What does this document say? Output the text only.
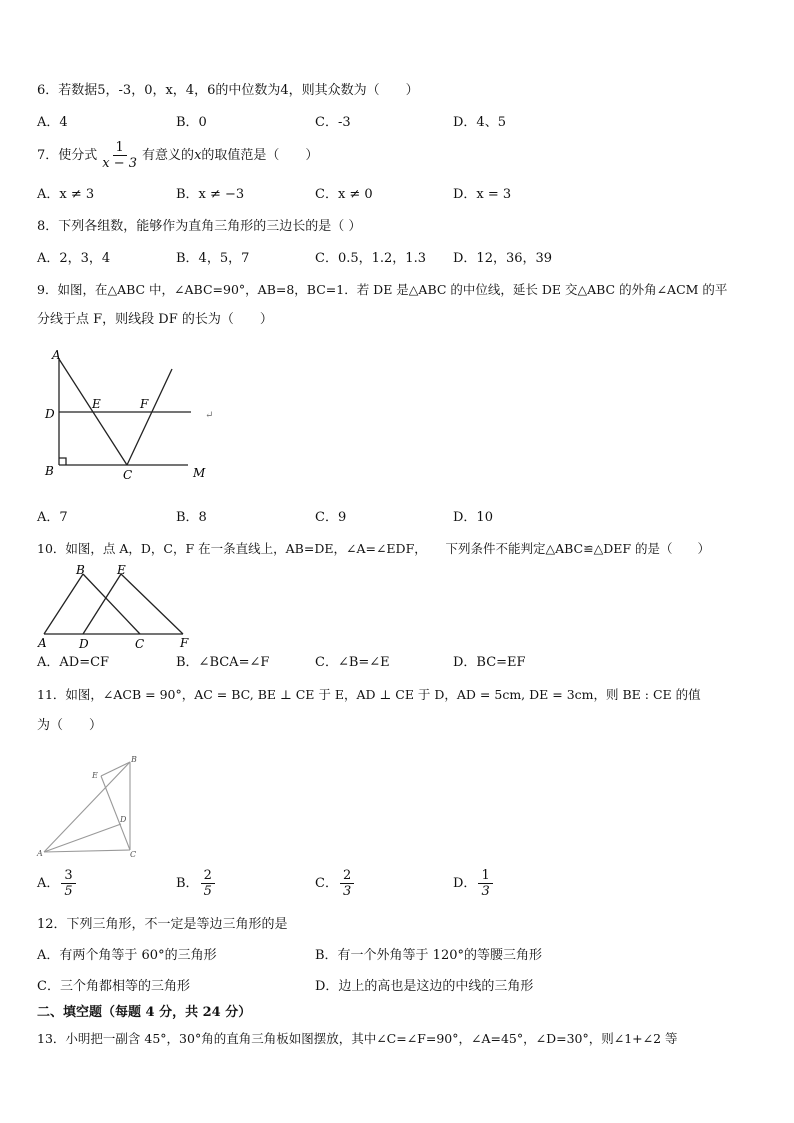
6．若数据5，-3，0，x，4，6的中位数为4，则其众数为（　　）
A．4	B．0	C．-3	D．4、5
7．使分式 $\frac{1}{x - 3}$ 有意义的 x 的取值范是（　　）
A．x ≠ 3	B．x ≠ −3	C．x ≠ 0	D．x = 3
8．下列各组数，能够作为直角三角形的三边长的是（ ）
A．2，3，4	B．4，5，7	C．0.5，1.2，1.3 D．12，36，39
9．如图，在△ABC 中，∠ABC=90°，AB=8，BC=1．若 DE 是△ABC 的中位线，延长 DE 交△ABC 的外角∠ACM 的平
分线于点 F，则线段 DF 的长为（　　）
A
D
E	F
B	C	M
↵
A．7	B．8	C．9	D．10
10．如图，点 A，D，C，F 在一条直线上，AB=DE，∠A=∠EDF，　　下列条件不能判定△ABC≌△DEF 的是（　　）
B	E
A	D	C	F
A．AD=CF	B．∠BCA=∠F	C．∠B=∠E	D．BC=EF
11．如图，∠ACB = 90°，AC = BC, BE ⊥ CE 于 E，AD ⊥ CE 于 D，AD = 5cm, DE = 3cm，则 BE : CE 的值
为（　　）
E
B
D
A	C
A． $\frac{3}{5}$	B． $\frac{2}{5}$	C． $\frac{2}{3}$	D． $\frac{1}{3}$
12．下列三角形，不一定是等边三角形的是
A．有两个角等于 60°的三角形	B．有一个外角等于 120°的等腰三角形
C．三个角都相等的三角形	D．边上的高也是这边的中线的三角形
二、填空题（每题 4 分，共 24 分）
13．小明把一副含 45°，30°角的直角三角板如图摆放，其中∠C=∠F=90°，∠A=45°，∠D=30°，则∠1+∠2 等
